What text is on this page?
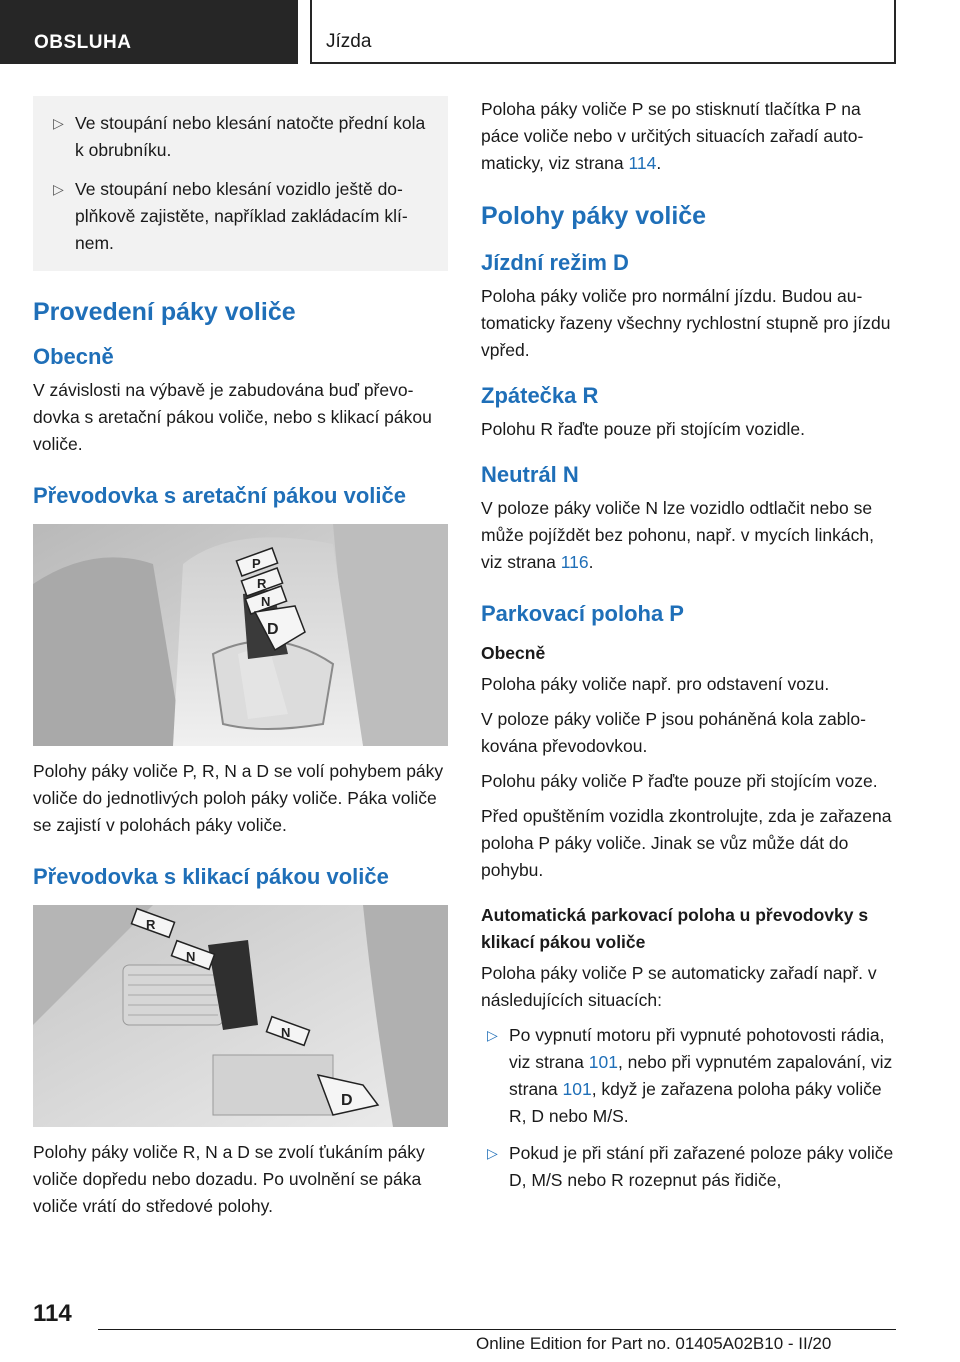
OBSLUHA	Jízda
▷ Ve stoupání nebo klesání natočte přední kola k obrubníku.
▷ Ve stoupání nebo klesání vozidlo ještě doplňkově zajistěte, například zakládacím klínem.
Provedení páky voliče
Obecně

V závislosti na výbavě je zabudována buď převodovka s aretační pákou voliče, nebo s klikací pákou voliče.

Převodovka s aretační pákou voliče
P
R
N
D

Polohy páky voliče P, R, N a D se volí pohybem páky voliče do jednotlivých poloh páky voliče. Páka voliče se zajistí v polohách páky voliče.

Převodovka s klikací pákou voliče
R
N
N
D

Polohy páky voliče R, N a D se zvolí ťukáním páky voliče dopředu nebo dozadu. Po uvolnění se páka voliče vrátí do středové polohy.

Poloha páky voliče P se po stisknutí tlačítka P na páce voliče nebo v určitých situacích zařadí automaticky, viz strana 114.

Polohy páky voliče
Jízdní režim D

Poloha páky voliče pro normální jízdu. Budou automaticky řazeny všechny rychlostní stupně pro jízdu vpřed.

Zpátečka R

Polohu R řaďte pouze při stojícím vozidle.

Neutrál N

V poloze páky voliče N lze vozidlo odtlačit nebo se může pojíždět bez pohonu, např. v mycích linkách, viz strana 116.

Parkovací poloha P
Obecně

Poloha páky voliče např. pro odstavení vozu.

V poloze páky voliče P jsou poháněná kola zablokována převodovkou.

Polohu páky voliče P řaďte pouze při stojícím voze.

Před opuštěním vozidla zkontrolujte, zda je zařazena poloha P páky voliče. Jinak se vůz může dát do pohybu.

Automatická parkovací poloha u převodovky s klikací pákou voliče

Poloha páky voliče P se automaticky zařadí např. v následujících situacích:

▷ Po vypnutí motoru při vypnuté pohotovosti rádia, viz strana 101, nebo při vypnutém zapalování, viz strana 101, když je zařazena poloha páky voliče R, D nebo M/S.
▷ Pokud je při stání při zařazené poloze páky voliče D, M/S nebo R rozepnut pás řidiče,
114
Online Edition for Part no. 01405A02B10 - II/20
